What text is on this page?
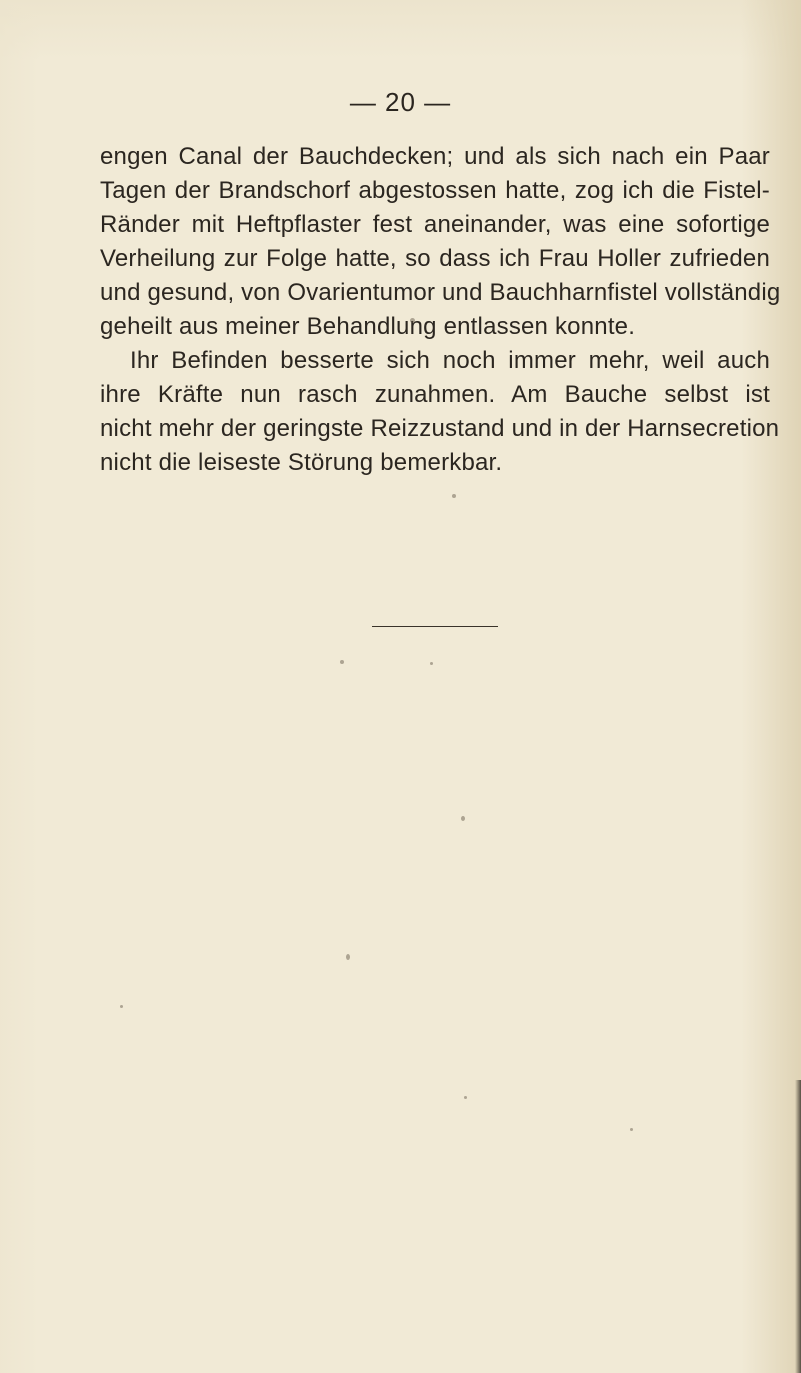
— 20 —
engen Canal der Bauchdecken; und als sich nach ein Paar
Tagen der Brandschorf abgestossen hatte, zog ich die Fistel-
Ränder mit Heftpflaster fest aneinander, was eine sofortige
Verheilung zur Folge hatte, so dass ich Frau Holler zufrieden
und gesund, von Ovarientumor und Bauchharnfistel vollständig
geheilt aus meiner Behandlung entlassen konnte.
Ihr Befinden besserte sich noch immer mehr, weil auch
ihre Kräfte nun rasch zunahmen. Am Bauche selbst ist
nicht mehr der geringste Reizzustand und in der Harnsecretion
nicht die leiseste Störung bemerkbar.
